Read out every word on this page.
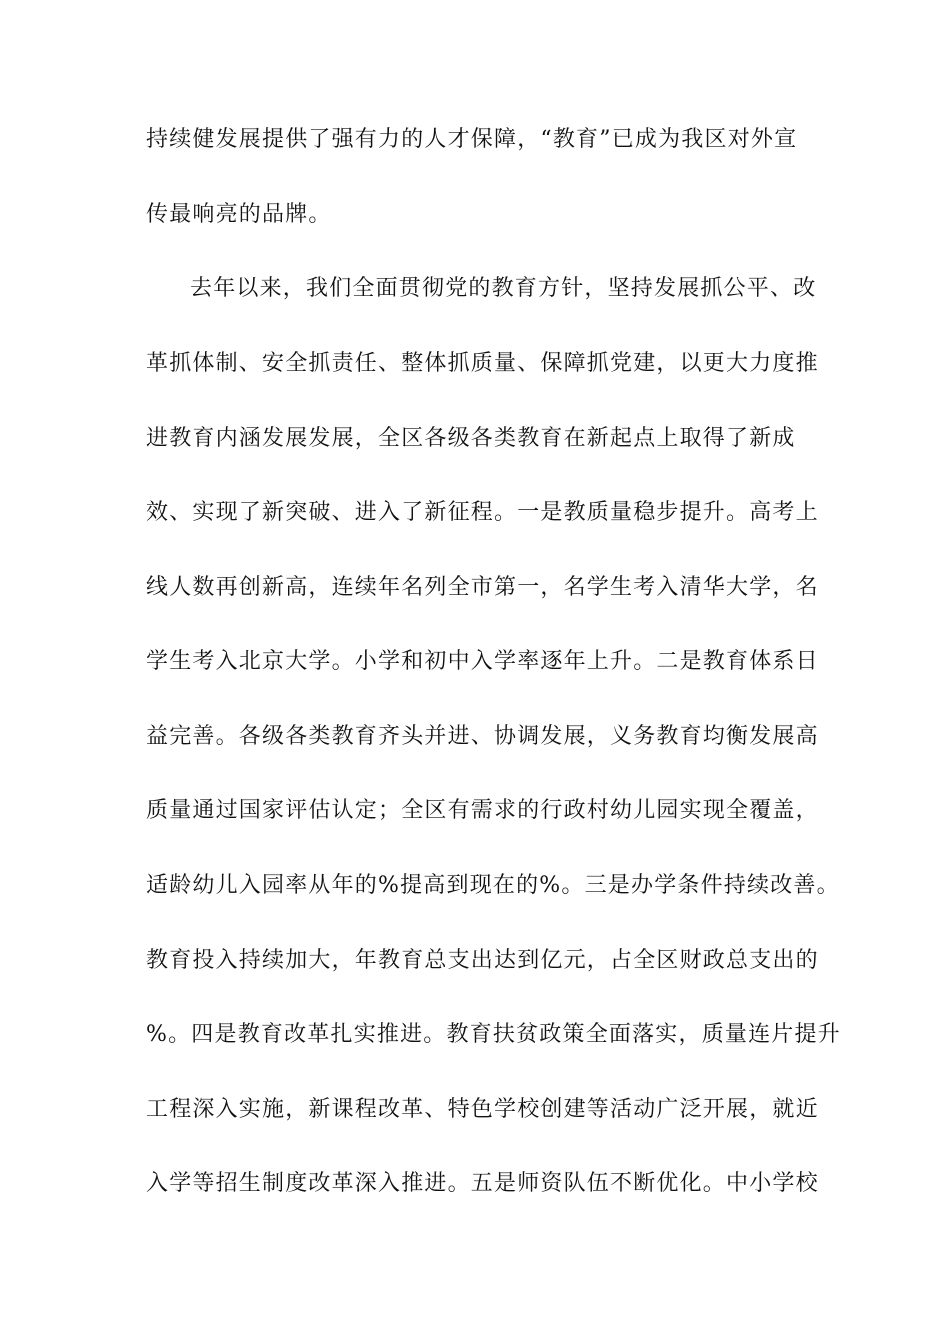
持续健发展提供了强有力的人才保障，“教育”已成为我区对外宣
传最响亮的品牌。
去年以来，我们全面贯彻党的教育方针，坚持发展抓公平、改
革抓体制、安全抓责任、整体抓质量、保障抓党建，以更大力度推
进教育内涵发展发展，全区各级各类教育在新起点上取得了新成
效、实现了新突破、进入了新征程。一是教质量稳步提升。高考上
线人数再创新高，连续年名列全市第一，名学生考入清华大学，名
学生考入北京大学。小学和初中入学率逐年上升。二是教育体系日
益完善。各级各类教育齐头并进、协调发展，义务教育均衡发展高
质量通过国家评估认定；全区有需求的行政村幼儿园实现全覆盖，
适龄幼儿入园率从年的%提高到现在的%。三是办学条件持续改善。
教育投入持续加大，年教育总支出达到亿元，占全区财政总支出的
%。四是教育改革扎实推进。教育扶贫政策全面落实，质量连片提升
工程深入实施，新课程改革、特色学校创建等活动广泛开展，就近
入学等招生制度改革深入推进。五是师资队伍不断优化。中小学校
